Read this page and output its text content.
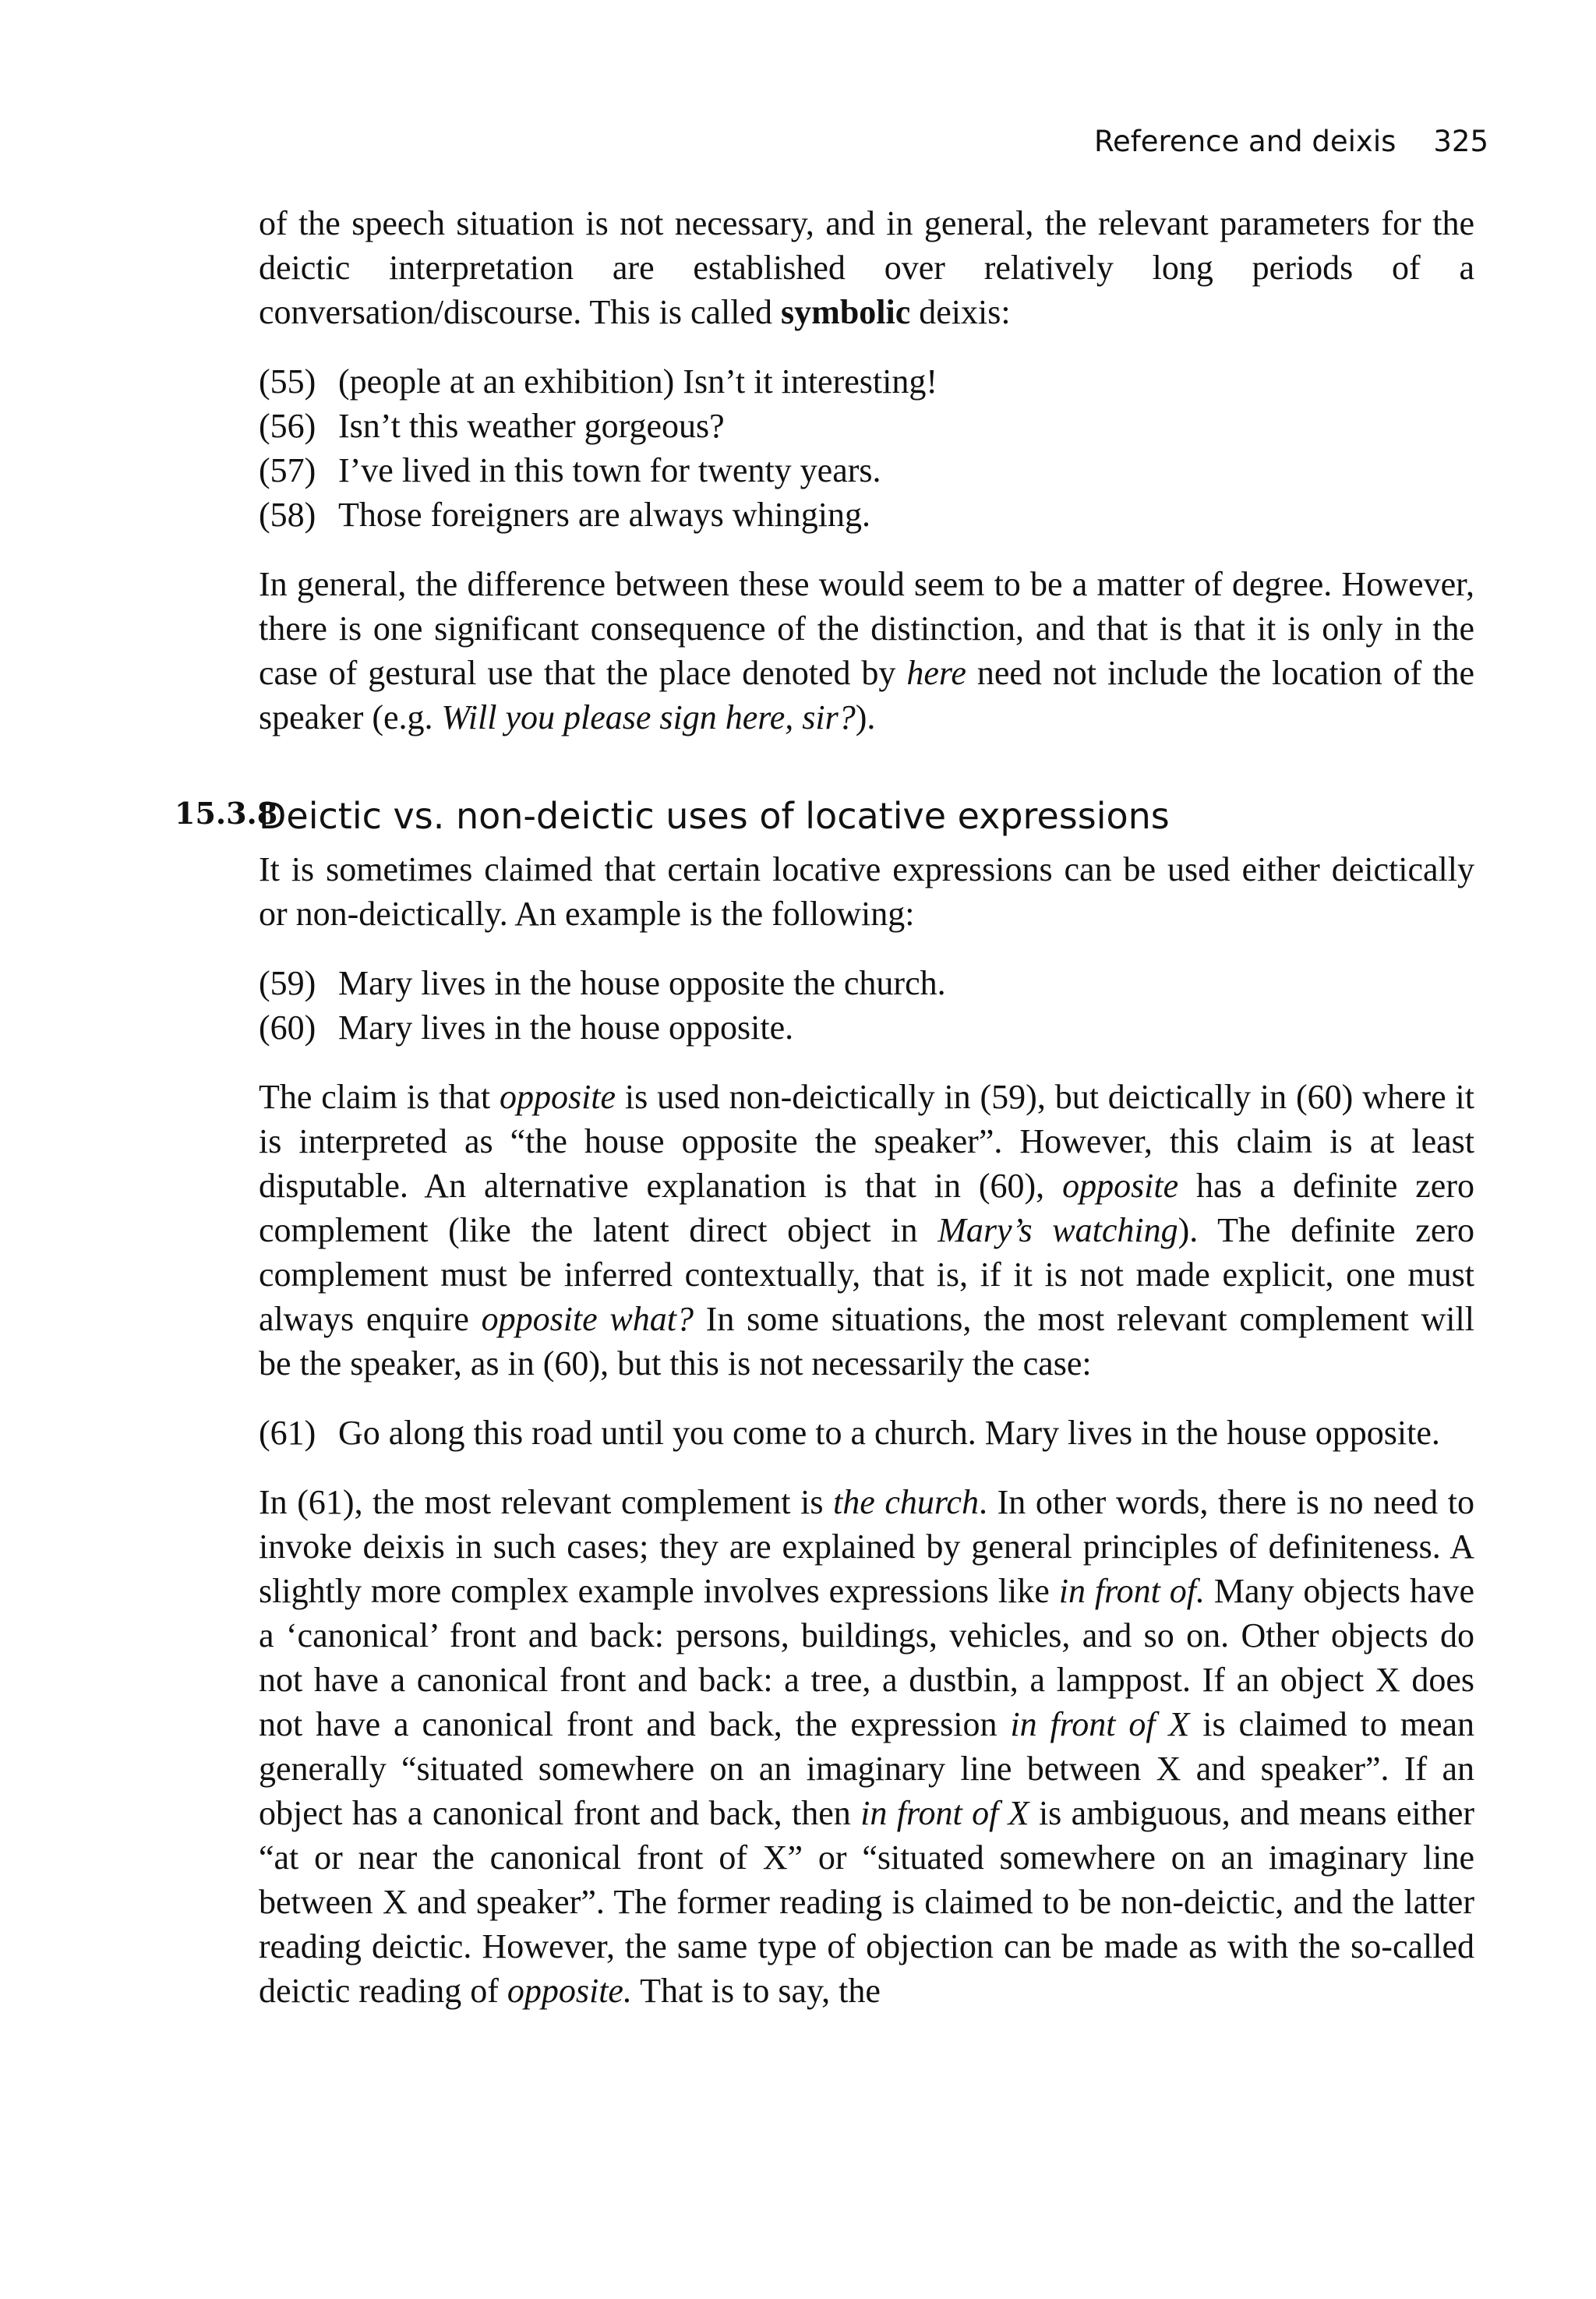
Reference and deixis 325

of the speech situation is not necessary, and in general, the relevant parameters for the deictic interpretation are established over relatively long periods of a conversation/discourse. This is called symbolic deixis:

(55) (people at an exhibition) Isn’t it interesting!
(56) Isn’t this weather gorgeous?
(57) I’ve lived in this town for twenty years.
(58) Those foreigners are always whinging.

In general, the difference between these would seem to be a matter of degree. However, there is one significant consequence of the distinction, and that is that it is only in the case of gestural use that the place denoted by here need not include the location of the speaker (e.g. Will you please sign here, sir?).

15.3.8
Deictic vs. non-deictic uses of locative expressions

It is sometimes claimed that certain locative expressions can be used either deictically or non-deictically. An example is the following:

(59) Mary lives in the house opposite the church.
(60) Mary lives in the house opposite.

The claim is that opposite is used non-deictically in (59), but deictically in (60) where it is interpreted as “the house opposite the speaker”. However, this claim is at least disputable. An alternative explanation is that in (60), opposite has a definite zero complement (like the latent direct object in Mary’s watching). The definite zero complement must be inferred contextually, that is, if it is not made explicit, one must always enquire opposite what? In some situations, the most relevant complement will be the speaker, as in (60), but this is not necessarily the case:

(61) Go along this road until you come to a church. Mary lives in the house opposite.

In (61), the most relevant complement is the church. In other words, there is no need to invoke deixis in such cases; they are explained by general principles of definiteness. A slightly more complex example involves expressions like in front of. Many objects have a ‘canonical’ front and back: persons, buildings, vehicles, and so on. Other objects do not have a canonical front and back: a tree, a dustbin, a lamppost. If an object X does not have a canonical front and back, the expression in front of X is claimed to mean generally “situated somewhere on an imaginary line between X and speaker”. If an object has a canonical front and back, then in front of X is ambiguous, and means either “at or near the canonical front of X” or “situated somewhere on an imaginary line between X and speaker”. The former reading is claimed to be non-deictic, and the latter reading deictic. However, the same type of objection can be made as with the so-called deictic reading of opposite. That is to say, the
